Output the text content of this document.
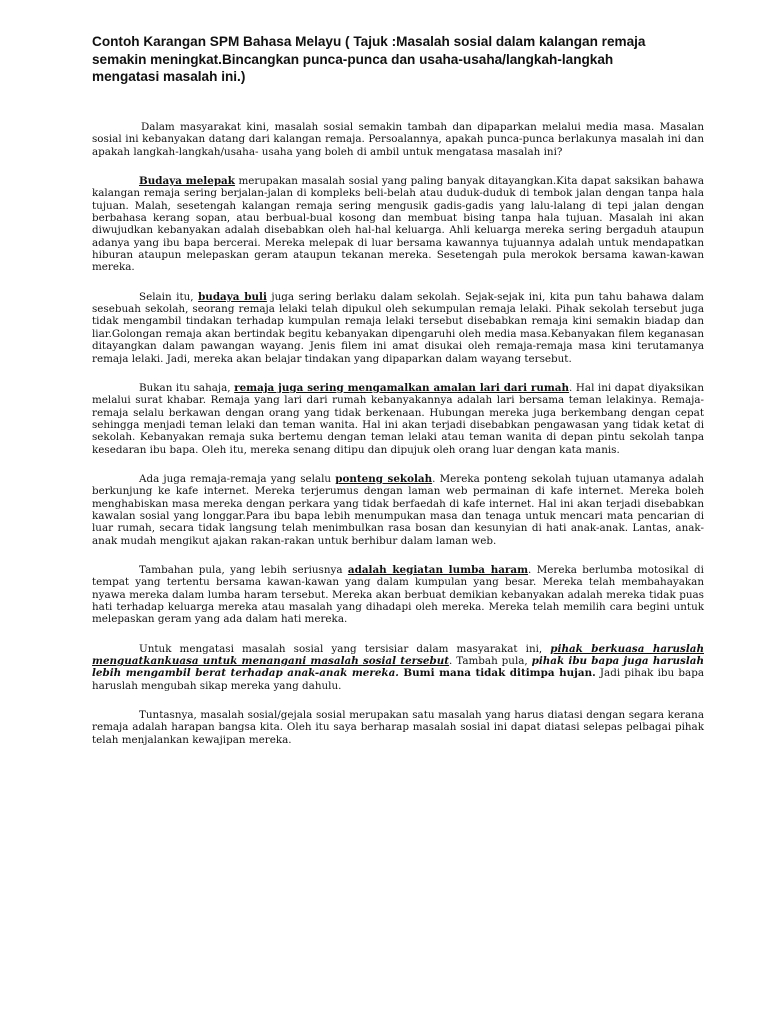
Contoh Karangan SPM Bahasa Melayu ( Tajuk :Masalah sosial dalam kalangan remaja semakin meningkat.Bincangkan punca-punca dan usaha-usaha/langkah-langkah mengatasi masalah ini.)

Dalam masyarakat kini, masalah sosial semakin tambah dan dipaparkan melalui media masa. Masalan sosial ini kebanyakan datang dari kalangan remaja. Persoalannya, apakah punca-punca berlakunya masalah ini dan apakah langkah-langkah/usaha- usaha yang boleh di ambil untuk mengatasa masalah ini?

Budaya melepak merupakan masalah sosial yang paling banyak ditayangkan.Kita dapat saksikan bahawa kalangan remaja sering berjalan-jalan di kompleks beli-belah atau duduk-duduk di tembok jalan dengan tanpa hala tujuan. Malah, sesetengah kalangan remaja sering mengusik gadis-gadis yang lalu-lalang di tepi jalan dengan berbahasa kerang sopan, atau berbual-bual kosong dan membuat bising tanpa hala tujuan. Masalah ini akan diwujudkan kebanyakan adalah disebabkan oleh hal-hal keluarga. Ahli keluarga mereka sering bergaduh ataupun adanya yang ibu bapa bercerai. Mereka melepak di luar bersama kawannya tujuannya adalah untuk mendapatkan hiburan ataupun melepaskan geram ataupun tekanan mereka. Sesetengah pula merokok bersama kawan-kawan mereka.

Selain itu, budaya buli juga sering berlaku dalam sekolah. Sejak-sejak ini, kita pun tahu bahawa dalam sesebuah sekolah, seorang remaja lelaki telah dipukul oleh sekumpulan remaja lelaki. Pihak sekolah tersebut juga tidak mengambil tindakan terhadap kumpulan remaja lelaki tersebut disebabkan remaja kini semakin biadap dan liar.Golongan remaja akan bertindak begitu kebanyakan dipengaruhi oleh media masa.Kebanyakan filem keganasan ditayangkan dalam pawangan wayang. Jenis filem ini amat disukai oleh remaja-remaja masa kini terutamanya remaja lelaki. Jadi, mereka akan belajar tindakan yang dipaparkan dalam wayang tersebut.

Bukan itu sahaja, remaja juga sering mengamalkan amalan lari dari rumah. Hal ini dapat diyaksikan melalui surat khabar. Remaja yang lari dari rumah kebanyakannya adalah lari bersama teman lelakinya. Remaja-remaja selalu berkawan dengan orang yang tidak berkenaan. Hubungan mereka juga berkembang dengan cepat sehingga menjadi teman lelaki dan teman wanita. Hal ini akan terjadi disebabkan pengawasan yang tidak ketat di sekolah. Kebanyakan remaja suka bertemu dengan teman lelaki atau teman wanita di depan pintu sekolah tanpa kesedaran ibu bapa. Oleh itu, mereka senang ditipu dan dipujuk oleh orang luar dengan kata manis.

Ada juga remaja-remaja yang selalu ponteng sekolah. Mereka ponteng sekolah tujuan utamanya adalah berkunjung ke kafe internet. Mereka terjerumus dengan laman web permainan di kafe internet. Mereka boleh menghabiskan masa mereka dengan perkara yang tidak berfaedah di kafe internet. Hal ini akan terjadi disebabkan kawalan sosial yang longgar.Para ibu bapa lebih menumpukan masa dan tenaga untuk mencari mata pencarian di luar rumah, secara tidak langsung telah menimbulkan rasa bosan dan kesunyian di hati anak-anak. Lantas, anak-anak mudah mengikut ajakan rakan-rakan untuk berhibur dalam laman web.

Tambahan pula, yang lebih seriusnya adalah kegiatan lumba haram. Mereka berlumba motosikal di tempat yang tertentu bersama kawan-kawan yang dalam kumpulan yang besar. Mereka telah membahayakan nyawa mereka dalam lumba haram tersebut. Mereka akan berbuat demikian kebanyakan adalah mereka tidak puas hati terhadap keluarga mereka atau masalah yang dihadapi oleh mereka. Mereka telah memilih cara begini untuk melepaskan geram yang ada dalam hati mereka.

Untuk mengatasi masalah sosial yang tersisiar dalam masyarakat ini, pihak berkuasa haruslah menguatkankuasa untuk menangani masalah sosial tersebut. Tambah pula, pihak ibu bapa juga haruslah lebih mengambil berat terhadap anak-anak mereka. Bumi mana tidak ditimpa hujan. Jadi pihak ibu bapa haruslah mengubah sikap mereka yang dahulu.

Tuntasnya, masalah sosial/gejala sosial merupakan satu masalah yang harus diatasi dengan segara kerana remaja adalah harapan bangsa kita. Oleh itu saya berharap masalah sosial ini dapat diatasi selepas pelbagai pihak telah menjalankan kewajipan mereka.
